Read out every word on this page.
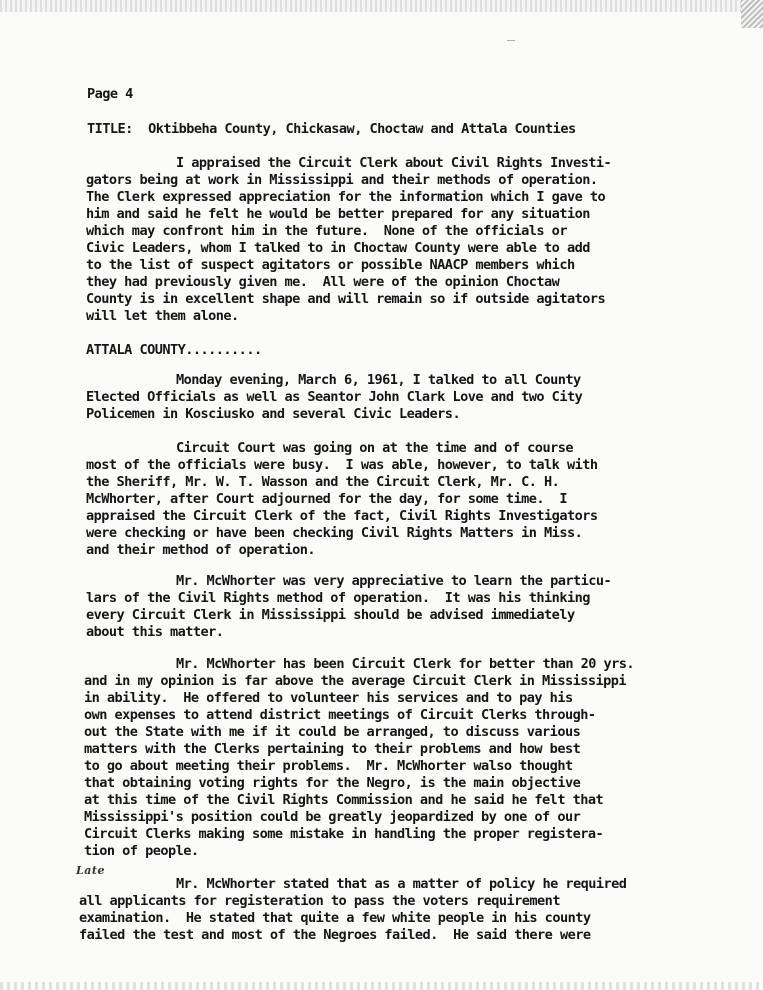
Page 4
TITLE:  Oktibbeha County, Chickasaw, Choctaw and Attala Counties
I appraised the Circuit Clerk about Civil Rights Investi-
gators being at work in Mississippi and their methods of operation.
The Clerk expressed appreciation for the information which I gave to
him and said he felt he would be better prepared for any situation
which may confront him in the future.  None of the officials or
Civic Leaders, whom I talked to in Choctaw County were able to add
to the list of suspect agitators or possible NAACP members which
they had previously given me.  All were of the opinion Choctaw
County is in excellent shape and will remain so if outside agitators
will let them alone.
ATTALA COUNTY..........
Monday evening, March 6, 1961, I talked to all County
Elected Officials as well as Seantor John Clark Love and two City
Policemen in Kosciusko and several Civic Leaders.
Circuit Court was going on at the time and of course
most of the officials were busy.  I was able, however, to talk with
the Sheriff, Mr. W. T. Wasson and the Circuit Clerk, Mr. C. H.
McWhorter, after Court adjourned for the day, for some time.  I
appraised the Circuit Clerk of the fact, Civil Rights Investigators
were checking or have been checking Civil Rights Matters in Miss.
and their method of operation.
Mr. McWhorter was very appreciative to learn the particu-
lars of the Civil Rights method of operation.  It was his thinking
every Circuit Clerk in Mississippi should be advised immediately
about this matter.
Mr. McWhorter has been Circuit Clerk for better than 20 yrs.
and in my opinion is far above the average Circuit Clerk in Mississippi
in ability.  He offered to volunteer his services and to pay his
own expenses to attend district meetings of Circuit Clerks through-
out the State with me if it could be arranged, to discuss various
matters with the Clerks pertaining to their problems and how best
to go about meeting their problems.  Mr. McWhorter walso thought
that obtaining voting rights for the Negro, is the main objective
at this time of the Civil Rights Commission and he said he felt that
Mississippi's position could be greatly jeopardized by one of our
Circuit Clerks making some mistake in handling the proper registera-
tion of people.
Late
Mr. McWhorter stated that as a matter of policy he required
all applicants for registeration to pass the voters requirement
examination.  He stated that quite a few white people in his county
failed the test and most of the Negroes failed.  He said there were
